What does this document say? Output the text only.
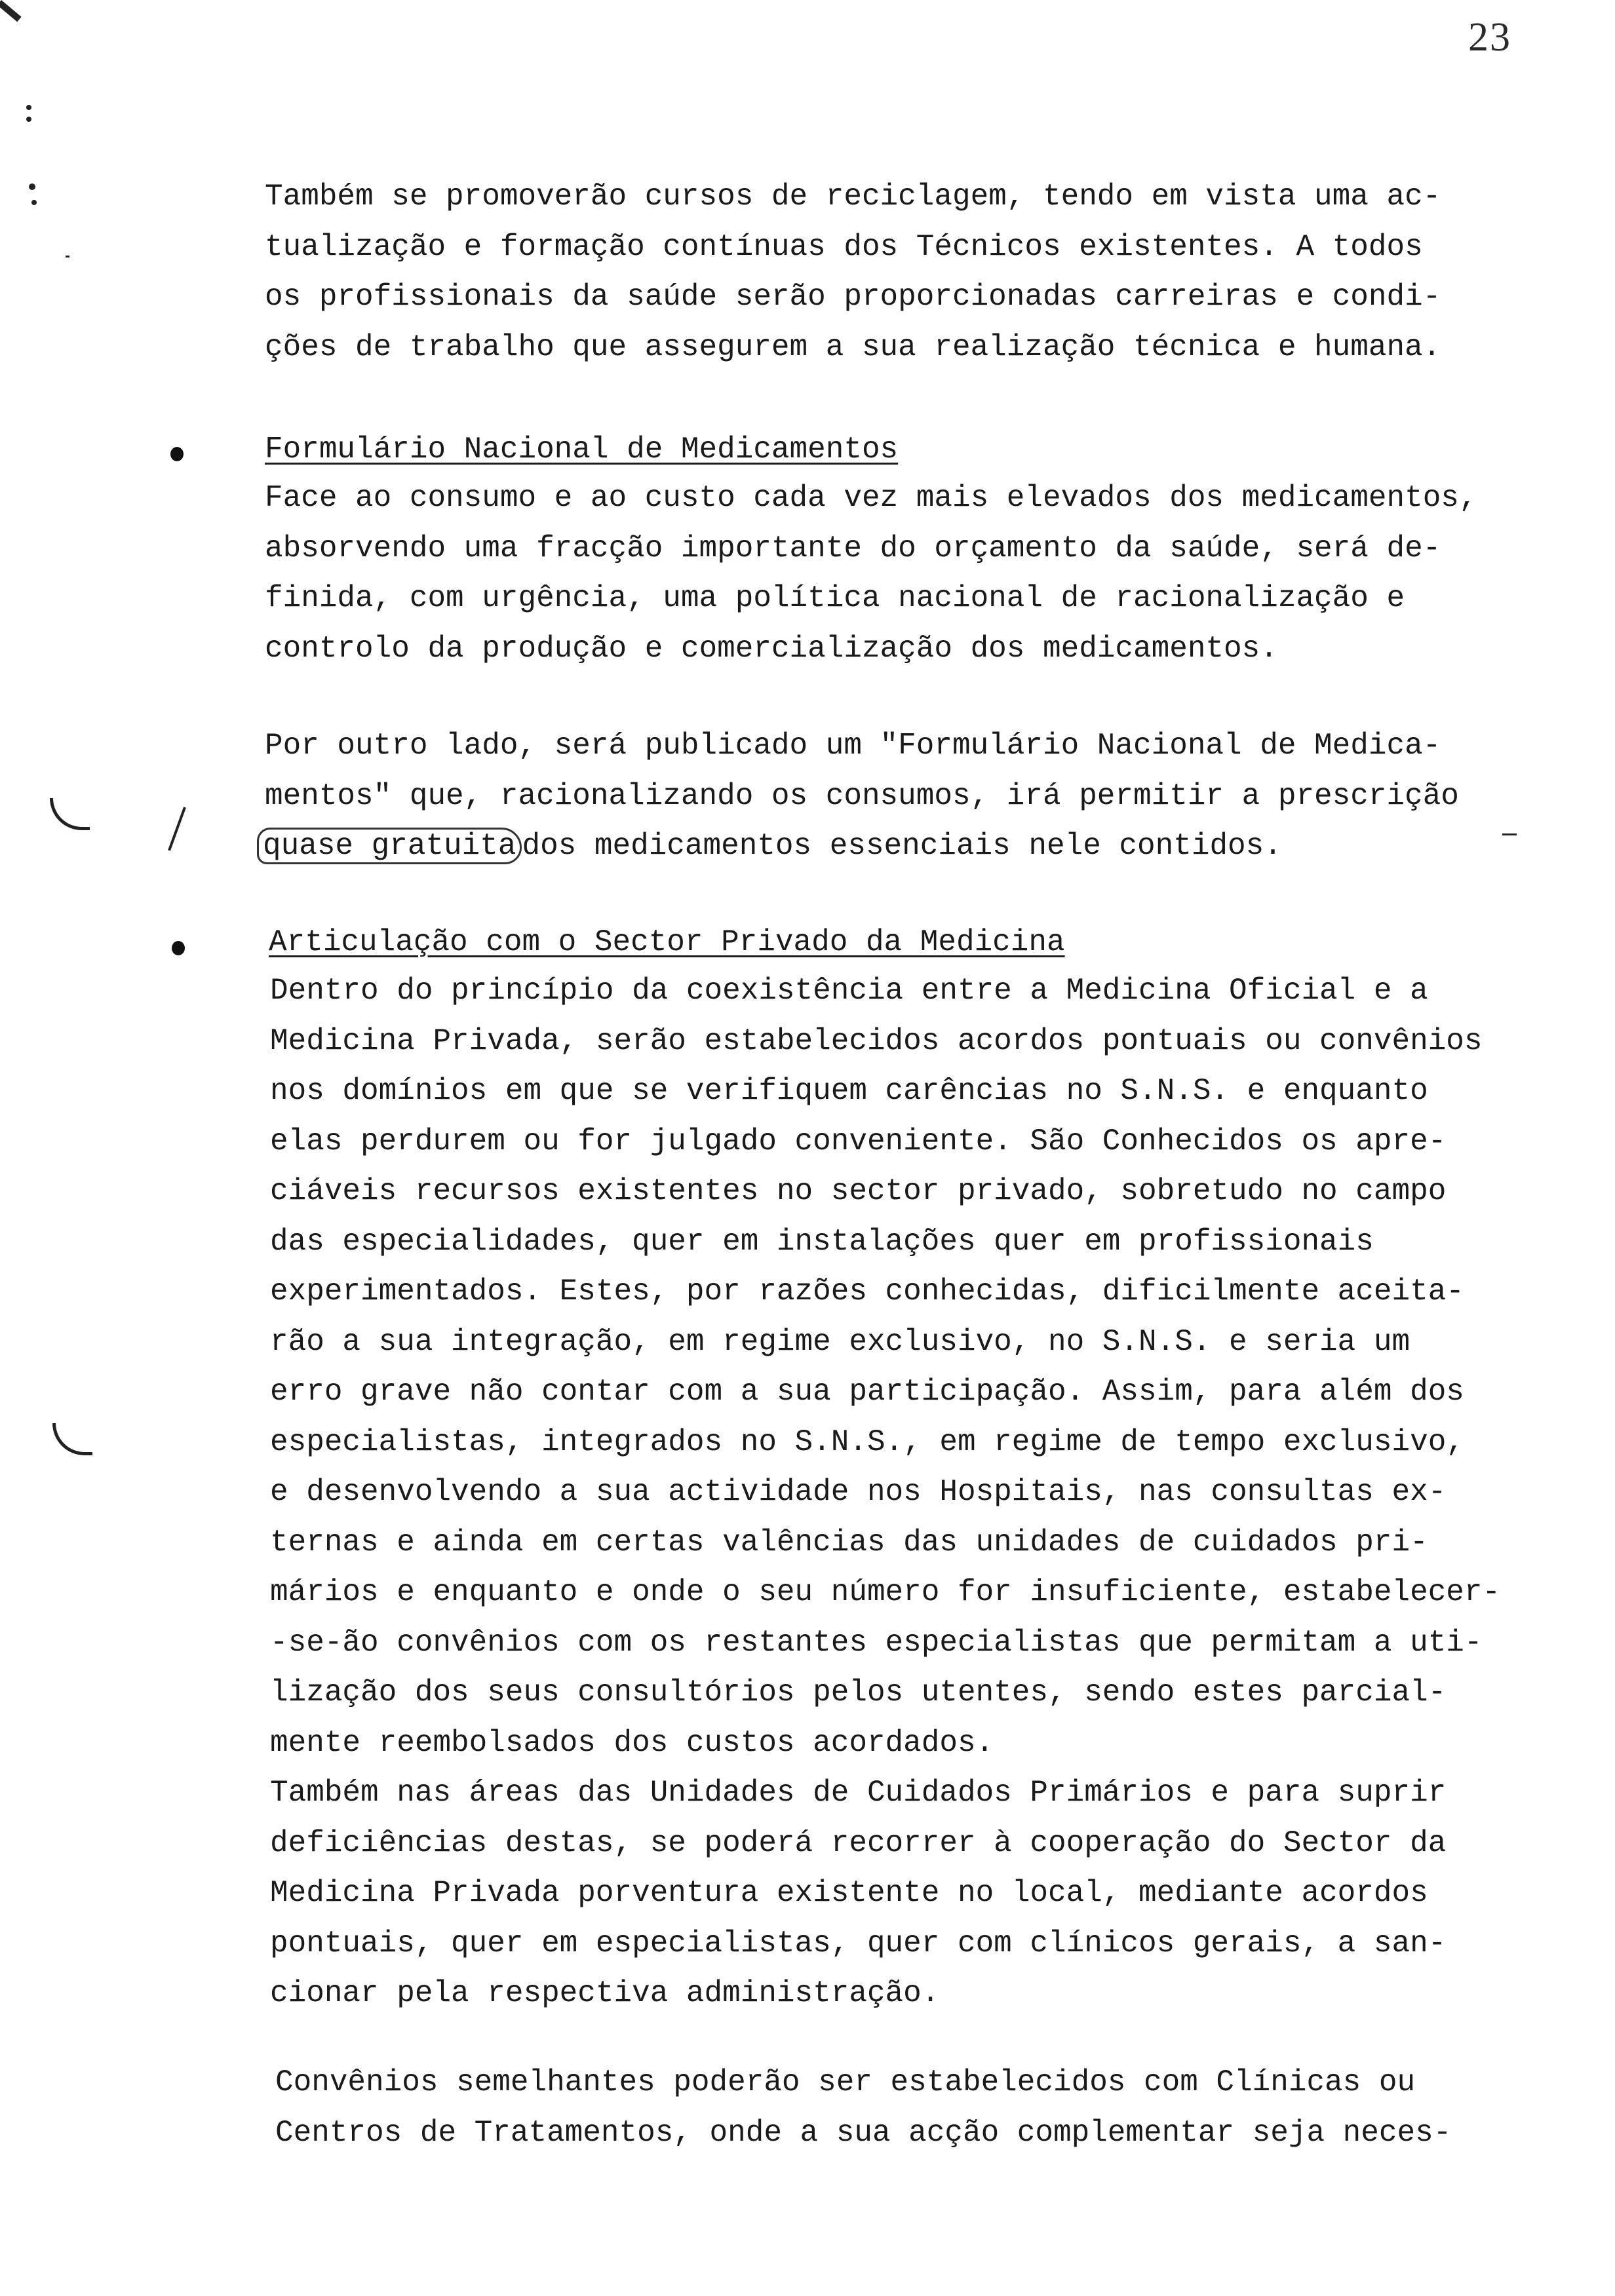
23
Também se promoverão cursos de reciclagem, tendo em vista uma ac-
tualização e formação contínuas dos Técnicos existentes. A todos
os profissionais da saúde serão proporcionadas carreiras e condi-
ções de trabalho que assegurem a sua realização técnica e humana.
Formulário Nacional de Medicamentos
Face ao consumo e ao custo cada vez mais elevados dos medicamentos,
absorvendo uma fracção importante do orçamento da saúde, será de-
finida, com urgência, uma política nacional de racionalização e
controlo da produção e comercialização dos medicamentos.
Por outro lado, será publicado um "Formulário Nacional de Medica-
mentos" que, racionalizando os consumos, irá permitir a prescrição
quase gratuita dos medicamentos essenciais nele contidos.
Articulação com o Sector Privado da Medicina
Dentro do princípio da coexistência entre a Medicina Oficial e a
Medicina Privada, serão estabelecidos acordos pontuais ou convênios
nos domínios em que se verifiquem carências no S.N.S. e enquanto
elas perdurem ou for julgado conveniente. São Conhecidos os apre-
ciáveis recursos existentes no sector privado, sobretudo no campo
das especialidades, quer em instalações quer em profissionais
experimentados. Estes, por razões conhecidas, dificilmente aceita-
rão a sua integração, em regime exclusivo, no S.N.S. e seria um
erro grave não contar com a sua participação. Assim, para além dos
especialistas, integrados no S.N.S., em regime de tempo exclusivo,
e desenvolvendo a sua actividade nos Hospitais, nas consultas ex-
ternas e ainda em certas valências das unidades de cuidados pri-
mários e enquanto e onde o seu número for insuficiente, estabelecer-
-se-ão convênios com os restantes especialistas que permitam a uti-
lização dos seus consultórios pelos utentes, sendo estes parcial-
mente reembolsados dos custos acordados.
Também nas áreas das Unidades de Cuidados Primários e para suprir
deficiências destas, se poderá recorrer à cooperação do Sector da
Medicina Privada porventura existente no local, mediante acordos
pontuais, quer em especialistas, quer com clínicos gerais, a san-
cionar pela respectiva administração.
Convênios semelhantes poderão ser estabelecidos com Clínicas ou
Centros de Tratamentos, onde a sua acção complementar seja neces-
